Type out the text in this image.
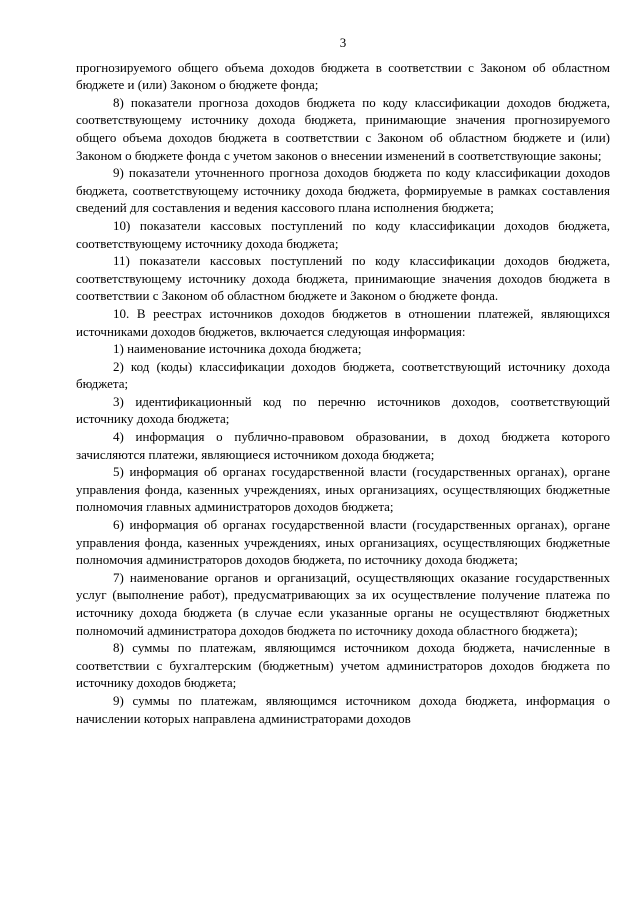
3

прогнозируемого общего объема доходов бюджета в соответствии с Законом об областном бюджете и (или) Законом о бюджете фонда;

8) показатели прогноза доходов бюджета по коду классификации доходов бюджета, соответствующему источнику дохода бюджета, принимающие значения прогнозируемого общего объема доходов бюджета в соответствии с Законом об областном бюджете и (или) Законом о бюджете фонда с учетом законов о внесении изменений в соответствующие законы;

9) показатели уточненного прогноза доходов бюджета по коду классификации доходов бюджета, соответствующему источнику дохода бюджета, формируемые в рамках составления сведений для составления и ведения кассового плана исполнения бюджета;

10) показатели кассовых поступлений по коду классификации доходов бюджета, соответствующему источнику дохода бюджета;

11) показатели кассовых поступлений по коду классификации доходов бюджета, соответствующему источнику дохода бюджета, принимающие значения доходов бюджета в соответствии с Законом об областном бюджете и Законом о бюджете фонда.

10. В реестрах источников доходов бюджетов в отношении платежей, являющихся источниками доходов бюджетов, включается следующая информация:

1) наименование источника дохода бюджета;

2) код (коды) классификации доходов бюджета, соответствующий источнику дохода бюджета;

3) идентификационный код по перечню источников доходов, соответствующий источнику дохода бюджета;

4) информация о публично-правовом образовании, в доход бюджета которого зачисляются платежи, являющиеся источником дохода бюджета;

5) информация об органах государственной власти (государственных органах), органе управления фонда, казенных учреждениях, иных организациях, осуществляющих бюджетные полномочия главных администраторов доходов бюджета;

6) информация об органах государственной власти (государственных органах), органе управления фонда, казенных учреждениях, иных организациях, осуществляющих бюджетные полномочия администраторов доходов бюджета, по источнику дохода бюджета;

7) наименование органов и организаций, осуществляющих оказание государственных услуг (выполнение работ), предусматривающих за их осуществление получение платежа по источнику дохода бюджета (в случае если указанные органы не осуществляют бюджетных полномочий администратора доходов бюджета по источнику дохода областного бюджета);

8) суммы по платежам, являющимся источником дохода бюджета, начисленные в соответствии с бухгалтерским (бюджетным) учетом администраторов доходов бюджета по источнику доходов бюджета;

9) суммы по платежам, являющимся источником дохода бюджета, информация о начислении которых направлена администраторами доходов
